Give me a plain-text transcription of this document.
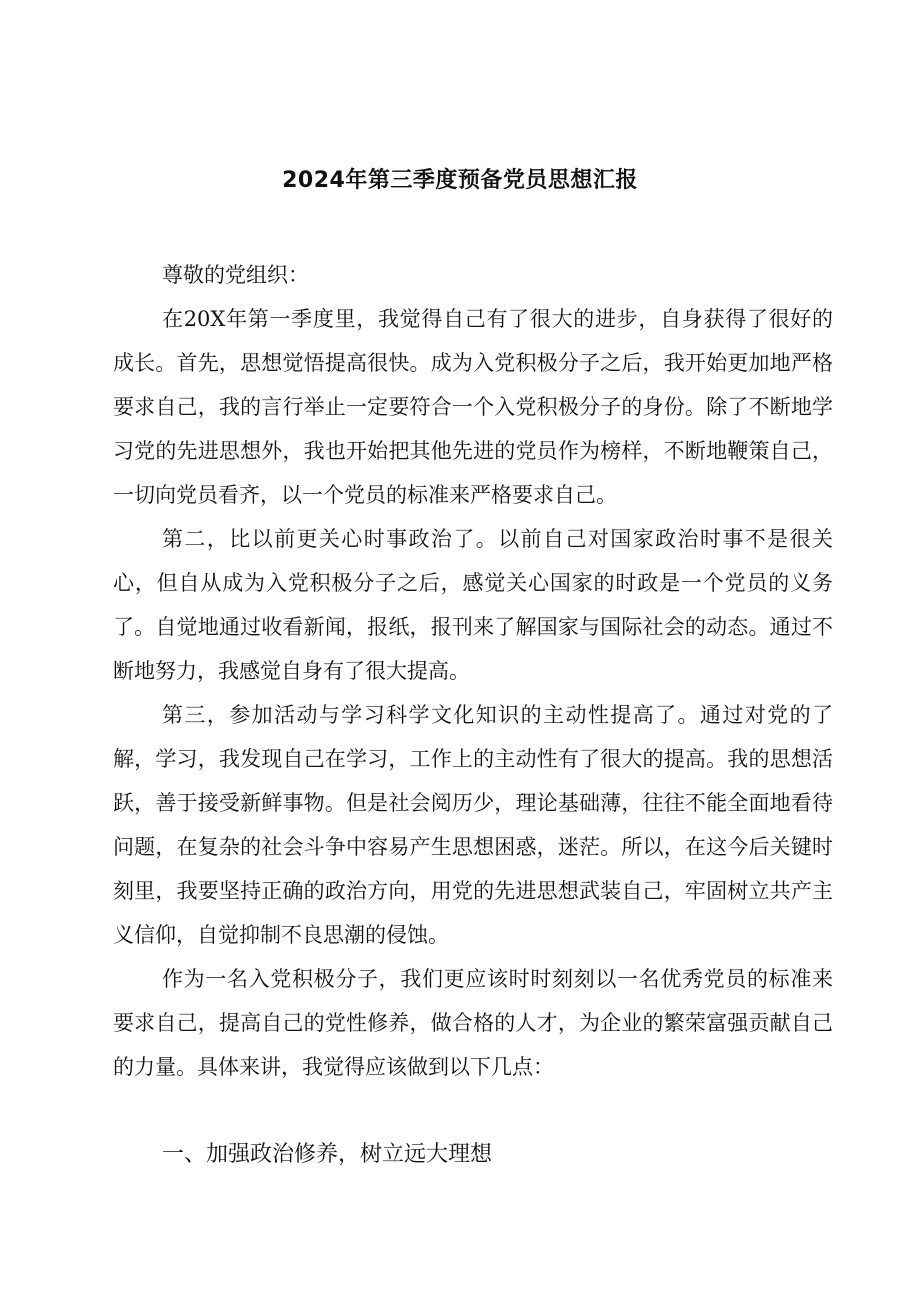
2024年第三季度预备党员思想汇报
尊敬的党组织：

在20X年第一季度里，我觉得自己有了很大的进步，自身获得了很好的成长。首先，思想觉悟提高很快。成为入党积极分子之后，我开始更加地严格要求自己，我的言行举止一定要符合一个入党积极分子的身份。除了不断地学习党的先进思想外，我也开始把其他先进的党员作为榜样，不断地鞭策自己，一切向党员看齐，以一个党员的标准来严格要求自己。

第二，比以前更关心时事政治了。以前自己对国家政治时事不是很关心，但自从成为入党积极分子之后，感觉关心国家的时政是一个党员的义务了。自觉地通过收看新闻，报纸，报刊来了解国家与国际社会的动态。通过不断地努力，我感觉自身有了很大提高。

第三，参加活动与学习科学文化知识的主动性提高了。通过对党的了解，学习，我发现自己在学习，工作上的主动性有了很大的提高。我的思想活跃，善于接受新鲜事物。但是社会阅历少，理论基础薄，往往不能全面地看待问题，在复杂的社会斗争中容易产生思想困惑，迷茫。所以，在这今后关键时刻里，我要坚持正确的政治方向，用党的先进思想武装自己，牢固树立共产主义信仰，自觉抑制不良思潮的侵蚀。

作为一名入党积极分子，我们更应该时时刻刻以一名优秀党员的标准来要求自己，提高自己的党性修养，做合格的人才，为企业的繁荣富强贡献自己的力量。具体来讲，我觉得应该做到以下几点：

一、加强政治修养，树立远大理想
